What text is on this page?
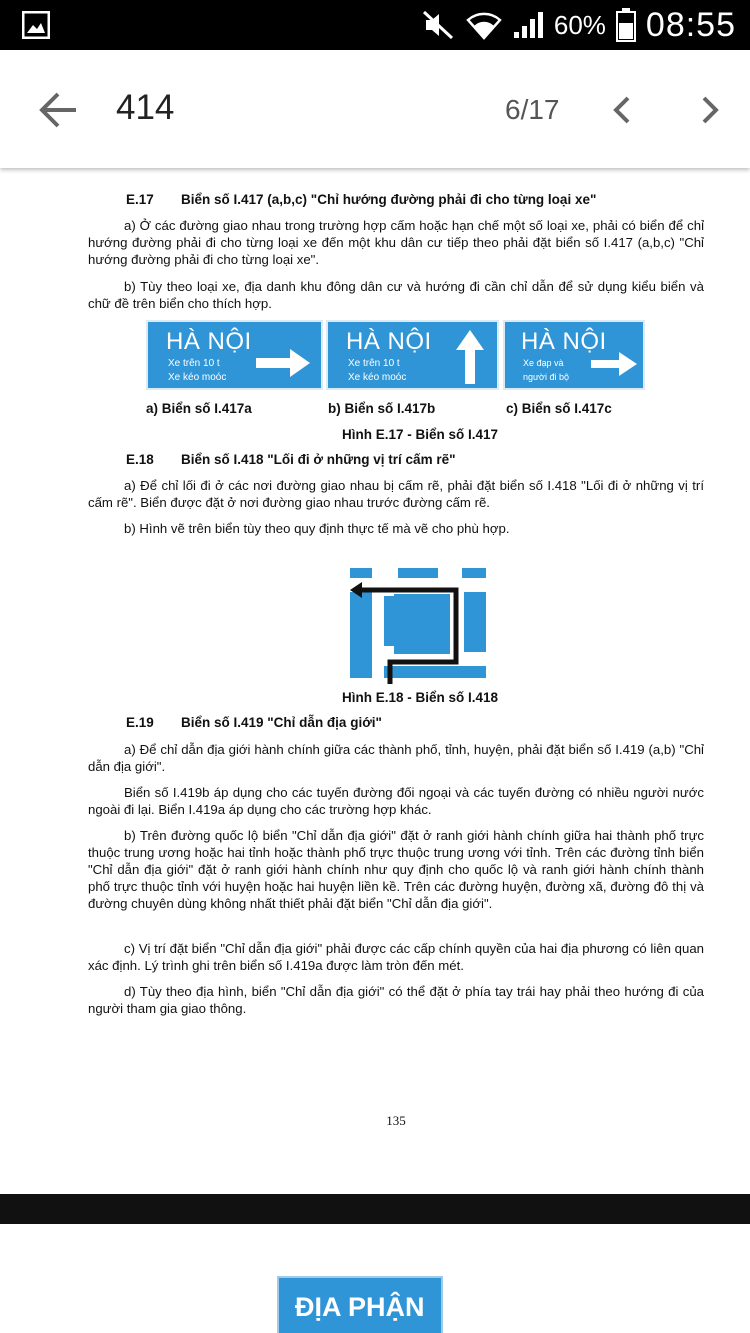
60% 08:55
414	6/17
E.17 Biển số I.417 (a,b,c) "Chỉ hướng đường phải đi cho từng loại xe"

a) Ở các đường giao nhau trong trường hợp cấm hoặc hạn chế một số loại xe, phải có biển để chỉ hướng đường phải đi cho từng loại xe đến một khu dân cư tiếp theo phải đặt biển số I.417 (a,b,c) "Chỉ hướng đường phải đi cho từng loại xe".

b) Tùy theo loại xe, địa danh khu đông dân cư và hướng đi cần chỉ dẫn để sử dụng kiểu biển và chữ đề trên biển cho thích hợp.

HÀ NỘI
Xe trên 10 t
Xe kéo moóc
HÀ NỘI
Xe trên 10 t
Xe kéo moóc
HÀ NỘI
Xe đạp và
người đi bộ
a) Biển số I.417a	b) Biển số I.417b	c) Biển số I.417c
Hình E.17 - Biển số I.417
E.18 Biển số I.418 "Lối đi ở những vị trí cấm rẽ"

a) Để chỉ lối đi ở các nơi đường giao nhau bị cấm rẽ, phải đặt biển số I.418 "Lối đi ở những vị trí cấm rẽ". Biển được đặt ở nơi đường giao nhau trước đường cấm rẽ.

b) Hình vẽ trên biển tùy theo quy định thực tế mà vẽ cho phù hợp.

Hình E.18 - Biển số I.418
E.19 Biển số I.419 "Chỉ dẫn địa giới"

a) Để chỉ dẫn địa giới hành chính giữa các thành phố, tỉnh, huyện, phải đặt biển số I.419 (a,b) "Chỉ dẫn địa giới".

Biển số I.419b áp dụng cho các tuyến đường đối ngoại và các tuyến đường có nhiều người nước ngoài đi lại. Biển I.419a áp dụng cho các trường hợp khác.

b) Trên đường quốc lộ biển "Chỉ dẫn địa giới" đặt ở ranh giới hành chính giữa hai thành phố trực thuộc trung ương hoặc hai tỉnh hoặc thành phố trực thuộc trung ương với tỉnh. Trên các đường tỉnh biển "Chỉ dẫn địa giới" đặt ở ranh giới hành chính như quy định cho quốc lộ và ranh giới hành chính thành phố trực thuộc tỉnh với huyện hoặc hai huyện liền kề. Trên các đường huyện, đường xã, đường đô thị và đường chuyên dùng không nhất thiết phải đặt biển "Chỉ dẫn địa giới".

c) Vị trí đặt biển "Chỉ dẫn địa giới" phải được các cấp chính quyền của hai địa phương có liên quan xác định. Lý trình ghi trên biển số I.419a được làm tròn đến mét.

d) Tùy theo địa hình, biển "Chỉ dẫn địa giới" có thể đặt ở phía tay trái hay phải theo hướng đi của người tham gia giao thông.

135
ĐỊA PHẬN
